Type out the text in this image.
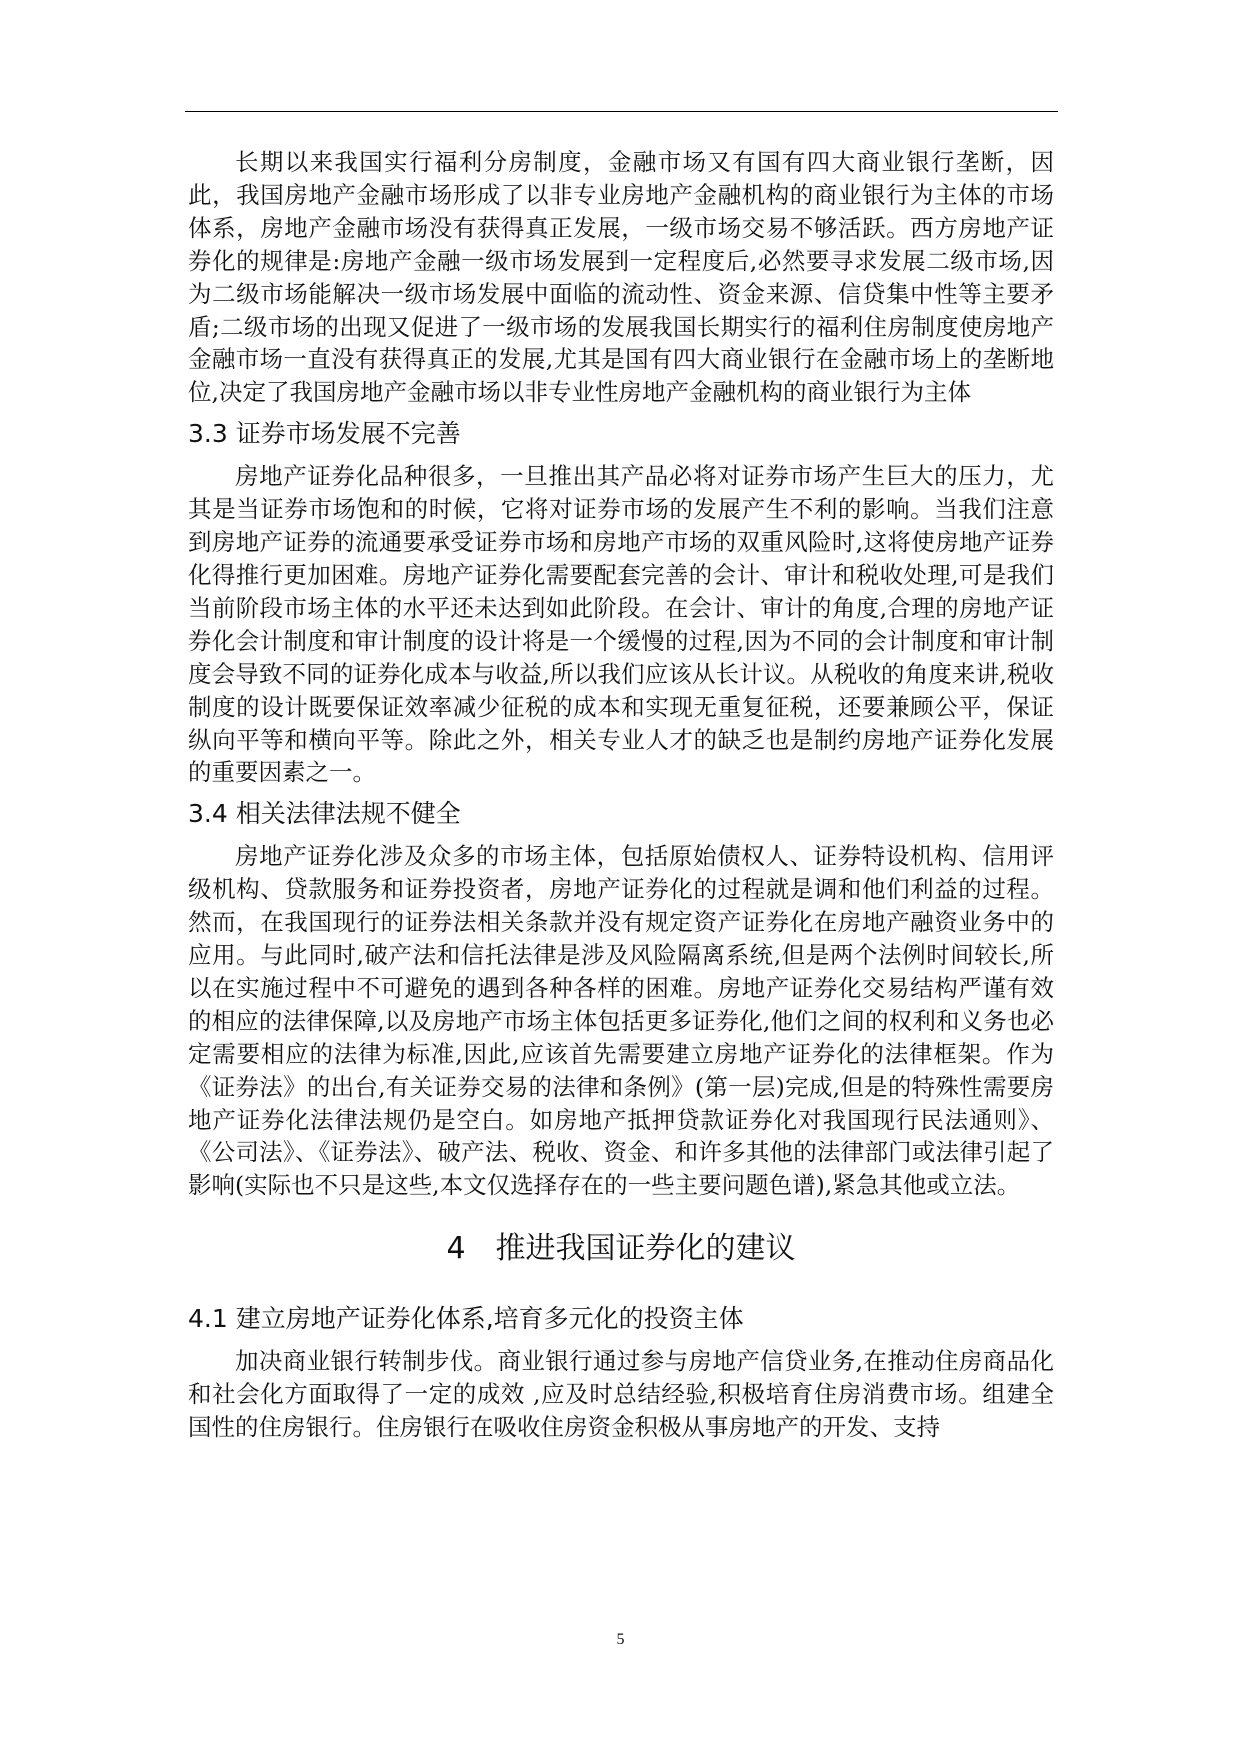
长期以来我国实行福利分房制度，金融市场又有国有四大商业银行垄断，因此，我国房地产金融市场形成了以非专业房地产金融机构的商业银行为主体的市场体系，房地产金融市场没有获得真正发展，一级市场交易不够活跃。西方房地产证券化的规律是:房地产金融一级市场发展到一定程度后,必然要寻求发展二级市场,因为二级市场能解决一级市场发展中面临的流动性、资金来源、信贷集中性等主要矛盾;二级市场的出现又促进了一级市场的发展我国长期实行的福利住房制度使房地产金融市场一直没有获得真正的发展,尤其是国有四大商业银行在金融市场上的垄断地位,决定了我国房地产金融市场以非专业性房地产金融机构的商业银行为主体

3.3 证券市场发展不完善

房地产证券化品种很多，一旦推出其产品必将对证券市场产生巨大的压力，尤其是当证券市场饱和的时候，它将对证券市场的发展产生不利的影响。当我们注意到房地产证券的流通要承受证券市场和房地产市场的双重风险时,这将使房地产证券化得推行更加困难。房地产证券化需要配套完善的会计、审计和税收处理,可是我们当前阶段市场主体的水平还未达到如此阶段。在会计、审计的角度,合理的房地产证券化会计制度和审计制度的设计将是一个缓慢的过程,因为不同的会计制度和审计制度会导致不同的证券化成本与收益,所以我们应该从长计议。从税收的角度来讲,税收制度的设计既要保证效率减少征税的成本和实现无重复征税，还要兼顾公平，保证纵向平等和横向平等。除此之外，相关专业人才的缺乏也是制约房地产证券化发展的重要因素之一。

3.4 相关法律法规不健全

房地产证券化涉及众多的市场主体，包括原始债权人、证券特设机构、信用评级机构、贷款服务和证券投资者，房地产证券化的过程就是调和他们利益的过程。然而，在我国现行的证券法相关条款并没有规定资产证券化在房地产融资业务中的应用。与此同时,破产法和信托法律是涉及风险隔离系统,但是两个法例时间较长,所以在实施过程中不可避免的遇到各种各样的困难。房地产证券化交易结构严谨有效的相应的法律保障,以及房地产市场主体包括更多证券化,他们之间的权利和义务也必定需要相应的法律为标准,因此,应该首先需要建立房地产证券化的法律框架。作为《证券法》的出台,有关证券交易的法律和条例》(第一层)完成,但是的特殊性需要房地产证券化法律法规仍是空白。如房地产抵押贷款证券化对我国现行民法通则》、《公司法》、《证券法》、破产法、税收、资金、和许多其他的法律部门或法律引起了影响(实际也不只是这些,本文仅选择存在的一些主要问题色谱),紧急其他或立法。

4　推进我国证券化的建议
4.1 建立房地产证券化体系,培育多元化的投资主体

加决商业银行转制步伐。商业银行通过参与房地产信贷业务,在推动住房商品化和社会化方面取得了一定的成效 ,应及时总结经验,积极培育住房消费市场。组建全国性的住房银行。住房银行在吸收住房资金积极从事房地产的开发、支持

5
